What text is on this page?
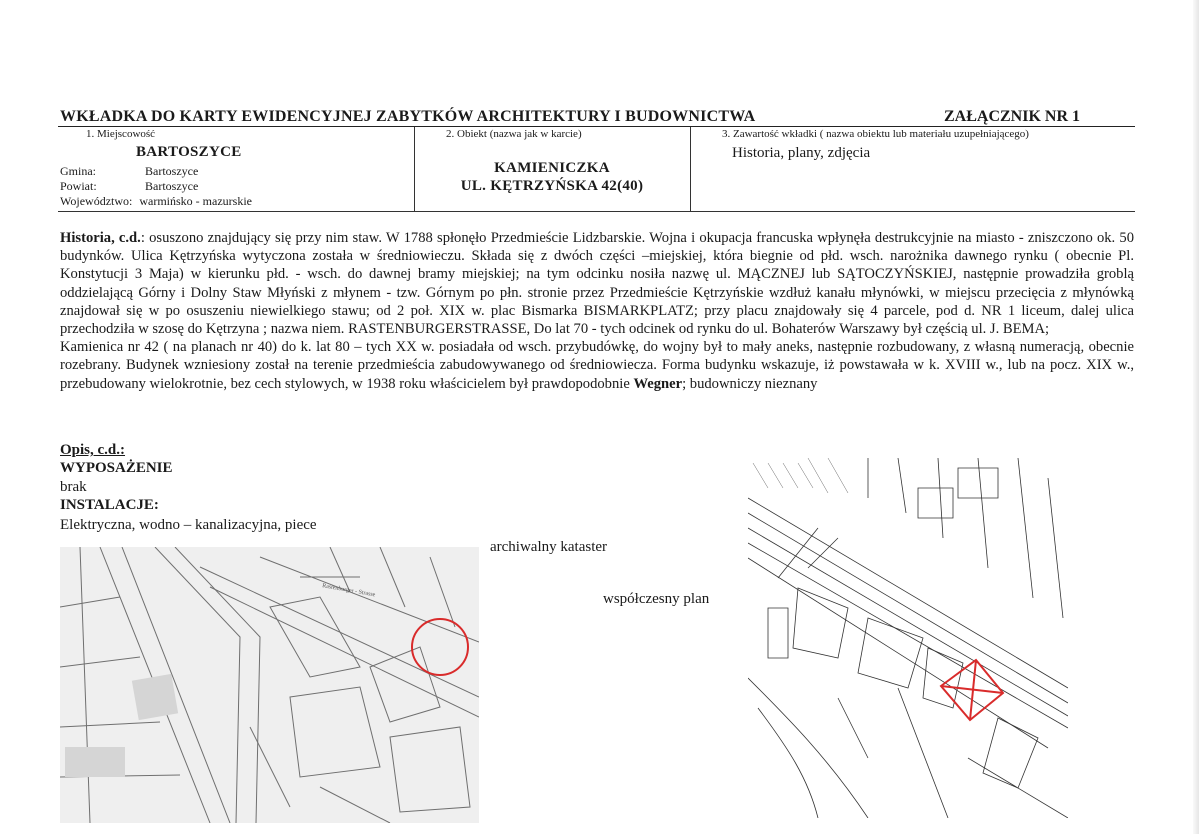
WKŁADKA DO KARTY EWIDENCYJNEJ ZABYTKÓW ARCHITEKTURY I BUDOWNICTWA	ZAŁĄCZNIK NR 1
1. Miejscowość
BARTOSZYCE
Gmina:	Bartoszyce
Powiat:	Bartoszyce
Województwo: warmińsko - mazurskie
2. Obiekt (nazwa jak w karcie)
KAMIENICZKA
UL. KĘTRZYŃSKA 42(40)
3. Zawartość wkładki ( nazwa obiektu lub materiału uzupełniającego)
Historia, plany, zdjęcia

Historia, c.d.: osuszono znajdujący się przy nim staw. W 1788 spłonęło Przedmieście Lidzbarskie. Wojna i okupacja francuska wpłynęła destrukcyjnie na miasto - zniszczono ok. 50 budynków. Ulica Kętrzyńska wytyczona została w średniowieczu. Składa się z dwóch części –miejskiej, która biegnie od płd. wsch. narożnika dawnego rynku ( obecnie Pl. Konstytucji 3 Maja) w kierunku płd. - wsch. do dawnej bramy miejskiej; na tym odcinku nosiła nazwę ul. MĄCZNEJ lub SĄTOCZYŃSKIEJ, następnie prowadziła groblą oddzielającą Górny i Dolny Staw Młyński z młynem - tzw. Górnym po płn. stronie przez Przedmieście Kętrzyńskie wzdłuż kanału młynówki, w miejscu przecięcia z młynówką znajdował się w po osuszeniu niewielkiego stawu; od 2 poł. XIX w. plac Bismarka BISMARKPLATZ; przy placu znajdowały się 4 parcele, pod d. NR 1 liceum, dalej ulica przechodziła w szosę do Kętrzyna ; nazwa niem. RASTENBURGERSTRASSE, Do lat 70 - tych odcinek od rynku do ul. Bohaterów Warszawy był częścią ul. J. BEMA;

Kamienica nr 42 ( na planach nr 40) do k. lat 80 – tych XX w. posiadała od wsch. przybudówkę, do wojny był to mały aneks, następnie rozbudowany, z własną numeracją, obecnie rozebrany. Budynek wzniesiony został na terenie przedmieścia zabudowywanego od średniowiecza. Forma budynku wskazuje, iż powstawała w k. XVIII w., lub na pocz. XIX w., przebudowany wielokrotnie, bez cech stylowych, w 1938 roku właścicielem był prawdopodobnie Wegner; budowniczy nieznany

Opis, c.d.:
WYPOSAŻENIE
brak
INSTALACJE:
Elektryczna, wodno – kanalizacyjna, piece
archiwalny kataster
współczesny plan
Rastenburger - Strasse
